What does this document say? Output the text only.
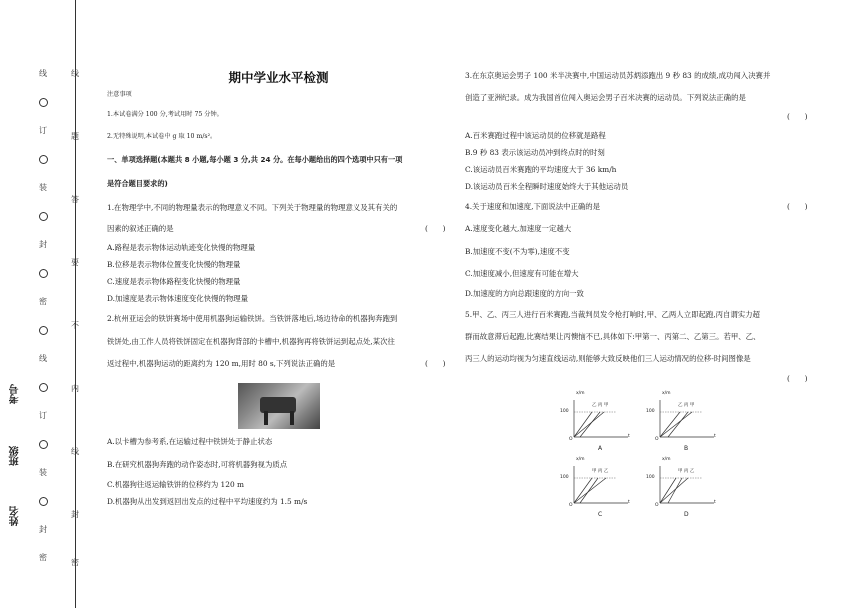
线
订
装
封
密
线
订
装
封
密
线
题
答
要
不
内
线
封
密
考号
班级
姓名
期中学业水平检测
注意事项
1.本试卷满分 100 分,考试用时 75 分钟。
2.无特殊说明,本试卷中 g 取 10 m/s²。
一、单项选择题(本题共 8 小题,每小题 3 分,共 24 分。在每小题给出的四个选项中只有一项
是符合题目要求的)
1.在物理学中,不同的物理量表示的物理意义不同。下列关于物理量的物理意义及其有关的
因素的叙述正确的是	(　　)
A.路程是表示物体运动轨迹变化快慢的物理量
B.位移是表示物体位置变化快慢的物理量
C.速度是表示物体路程变化快慢的物理量
D.加速度是表示物体速度变化快慢的物理量
2.杭州亚运会的铁饼赛场中使用机器狗运输铁饼。当铁饼落地后,场边待命的机器狗奔跑到
铁饼处,由工作人员将铁饼固定在机器狗背部的卡槽中,机器狗再将铁饼运到起点处,某次往
返过程中,机器狗运动的距离约为 120 m,用时 80 s,下列说法正确的是	(　　)
A.以卡槽为参考系,在运输过程中铁饼处于静止状态
B.在研究机器狗奔跑的动作姿态时,可将机器狗视为质点
C.机器狗往返运输铁饼的位移约为 120 m
D.机器狗从出发到返回出发点的过程中平均速度约为 1.5 m/s
3.在东京奥运会男子 100 米半决赛中,中国运动员苏炳添跑出 9 秒 83 的成绩,成功闯入决赛并
创造了亚洲纪录。成为我国首位闯入奥运会男子百米决赛的运动员。下列说法正确的是
(　　)
A.百米赛跑过程中该运动员的位移就是路程
B.9 秒 83 表示该运动员冲到终点时的时刻
C.该运动员百米赛跑的平均速度大于 36 km/h
D.该运动员百米全程瞬时速度始终大于其他运动员
4.关于速度和加速度,下面说法中正确的是	(　　)
A.速度变化越大,加速度一定越大
B.加速度不变(不为零),速度不变
C.加速度减小,但速度有可能在增大
D.加速度的方向总跟速度的方向一致
5.甲、乙、丙三人进行百米赛跑,当裁判员发令枪打响时,甲、乙两人立即起跑,丙自谓实力超
群而故意滞后起跑,比赛结果让丙懊恼不已,具体如下:甲第一、丙第二、乙第三。若甲、乙、
丙三人的运动均视为匀速直线运动,则能够大致反映他们三人运动情况的位移-时间图像是
(　　)
x/m
100
O
t
乙 丙 甲
A
x/m
100
O
t
乙 丙 甲
B
x/m
100
O
t
甲 丙 乙
C
x/m
100
O
t
甲 丙 乙
D
